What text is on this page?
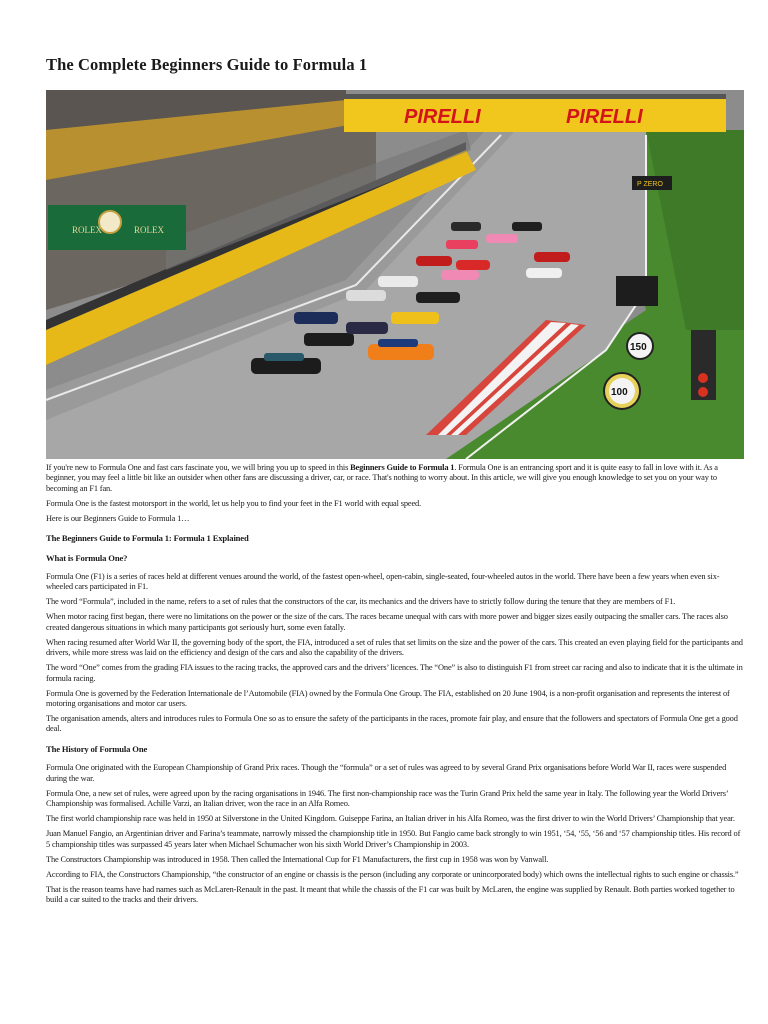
The Complete Beginners Guide to Formula 1
ROLEX	ROLEX
PIRELLI	PIRELLI
P ZERO
150
100

If you're new to Formula One and fast cars fascinate you, we will bring you up to speed in this Beginners Guide to Formula 1. Formula One is an entrancing sport and it is quite easy to fall in love with it. As a beginner, you may feel a little bit like an outsider when other fans are discussing a driver, car, or race. That's nothing to worry about. In this article, we will give you enough knowledge to set you on your way to becoming an F1 fan.

Formula One is the fastest motorsport in the world, let us help you to find your feet in the F1 world with equal speed.

Here is our Beginners Guide to Formula 1…

The Beginners Guide to Formula 1: Formula 1 Explained
What is Formula One?

Formula One (F1) is a series of races held at different venues around the world, of the fastest open-wheel, open-cabin, single-seated, four-wheeled autos in the world. There have been a few years when even six-wheeled cars participated in F1.

The word “Formula”, included in the name, refers to a set of rules that the constructors of the car, its mechanics and the drivers have to strictly follow during the tenure that they are members of F1.

When motor racing first began, there were no limitations on the power or the size of the cars. The races became unequal with cars with more power and bigger sizes easily outpacing the smaller cars. The races also created dangerous situations in which many participants got seriously hurt, some even fatally.

When racing resumed after World War II, the governing body of the sport, the FIA, introduced a set of rules that set limits on the size and the power of the cars. This created an even playing field for the participants and drivers, while more stress was laid on the efficiency and design of the cars and also the capability of the drivers.

The word “One” comes from the grading FIA issues to the racing tracks, the approved cars and the drivers’ licences. The “One” is also to distinguish F1 from street car racing and also to indicate that it is the ultimate in formula racing.

Formula One is governed by the Federation Internationale de l’Automobile (FIA) owned by the Formula One Group. The FIA, established on 20 June 1904, is a non-profit organisation and represents the interest of motoring organisations and motor car users.

The organisation amends, alters and introduces rules to Formula One so as to ensure the safety of the participants in the races, promote fair play, and ensure that the followers and spectators of Formula One get a good deal.

The History of Formula One

Formula One originated with the European Championship of Grand Prix races. Though the “formula” or a set of rules was agreed to by several Grand Prix organisations before World War II, races were suspended during the war.

Formula One, a new set of rules, were agreed upon by the racing organisations in 1946. The first non-championship race was the Turin Grand Prix held the same year in Italy. The following year the World Drivers’ Championship was formalised. Achille Varzi, an Italian driver, won the race in an Alfa Romeo.

The first world championship race was held in 1950 at Silverstone in the United Kingdom. Guiseppe Farina, an Italian driver in his Alfa Romeo, was the first driver to win the World Drivers’ Championship that year.

Juan Manuel Fangio, an Argentinian driver and Farina’s teammate, narrowly missed the championship title in 1950. But Fangio came back strongly to win 1951, ‘54, ‘55, ‘56 and ‘57 championship titles. His record of 5 championship titles was surpassed 45 years later when Michael Schumacher won his sixth World Driver’s Championship in 2003.

The Constructors Championship was introduced in 1958. Then called the International Cup for F1 Manufacturers, the first cup in 1958 was won by Vanwall.

According to FIA, the Constructors Championship, “the constructor of an engine or chassis is the person (including any corporate or unincorporated body) which owns the intellectual rights to such engine or chassis.”

That is the reason teams have had names such as McLaren-Renault in the past. It meant that while the chassis of the F1 car was built by McLaren, the engine was supplied by Renault. Both parties worked together to build a car suited to the tracks and their drivers.
